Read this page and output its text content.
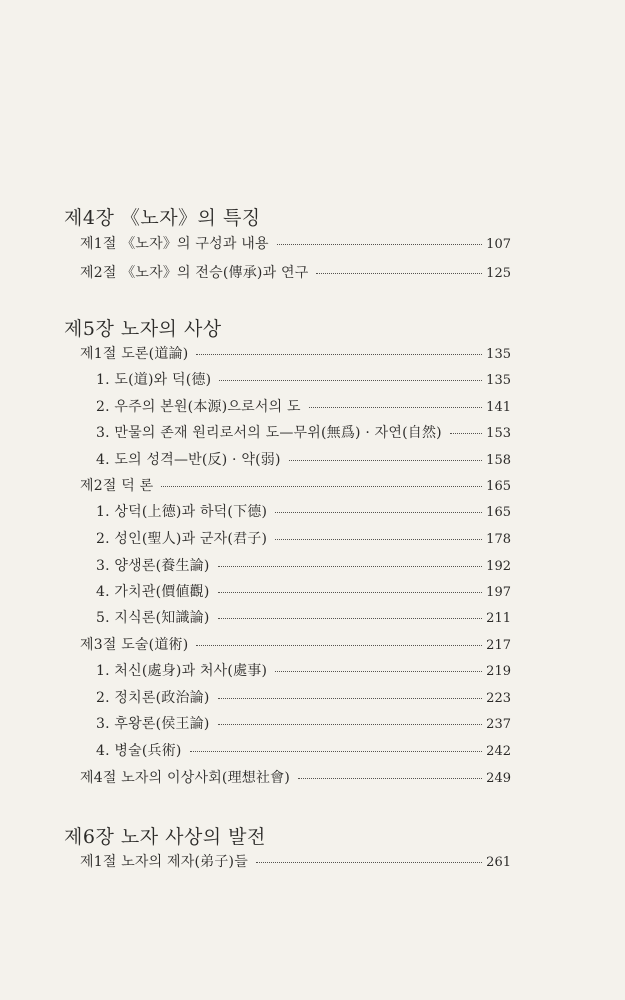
제4장 《노자》의 특징
제1절 《노자》의 구성과 내용	107
제2절 《노자》의 전승(傳承)과 연구	125
제5장 노자의 사상
제1절 도론(道論)	135
1. 도(道)와 덕(德)	135
2. 우주의 본원(本源)으로서의 도	141
3. 만물의 존재 원리로서의 도—무위(無爲) · 자연(自然)	153
4. 도의 성격—반(反) · 약(弱)	158
제2절 덕 론	165
1. 상덕(上德)과 하덕(下德)	165
2. 성인(聖人)과 군자(君子)	178
3. 양생론(養生論)	192
4. 가치관(價値觀)	197
5. 지식론(知識論)	211
제3절 도술(道術)	217
1. 처신(處身)과 처사(處事)	219
2. 정치론(政治論)	223
3. 후왕론(侯王論)	237
4. 병술(兵術)	242
제4절 노자의 이상사회(理想社會)	249
제6장 노자 사상의 발전
제1절 노자의 제자(弟子)들	261
